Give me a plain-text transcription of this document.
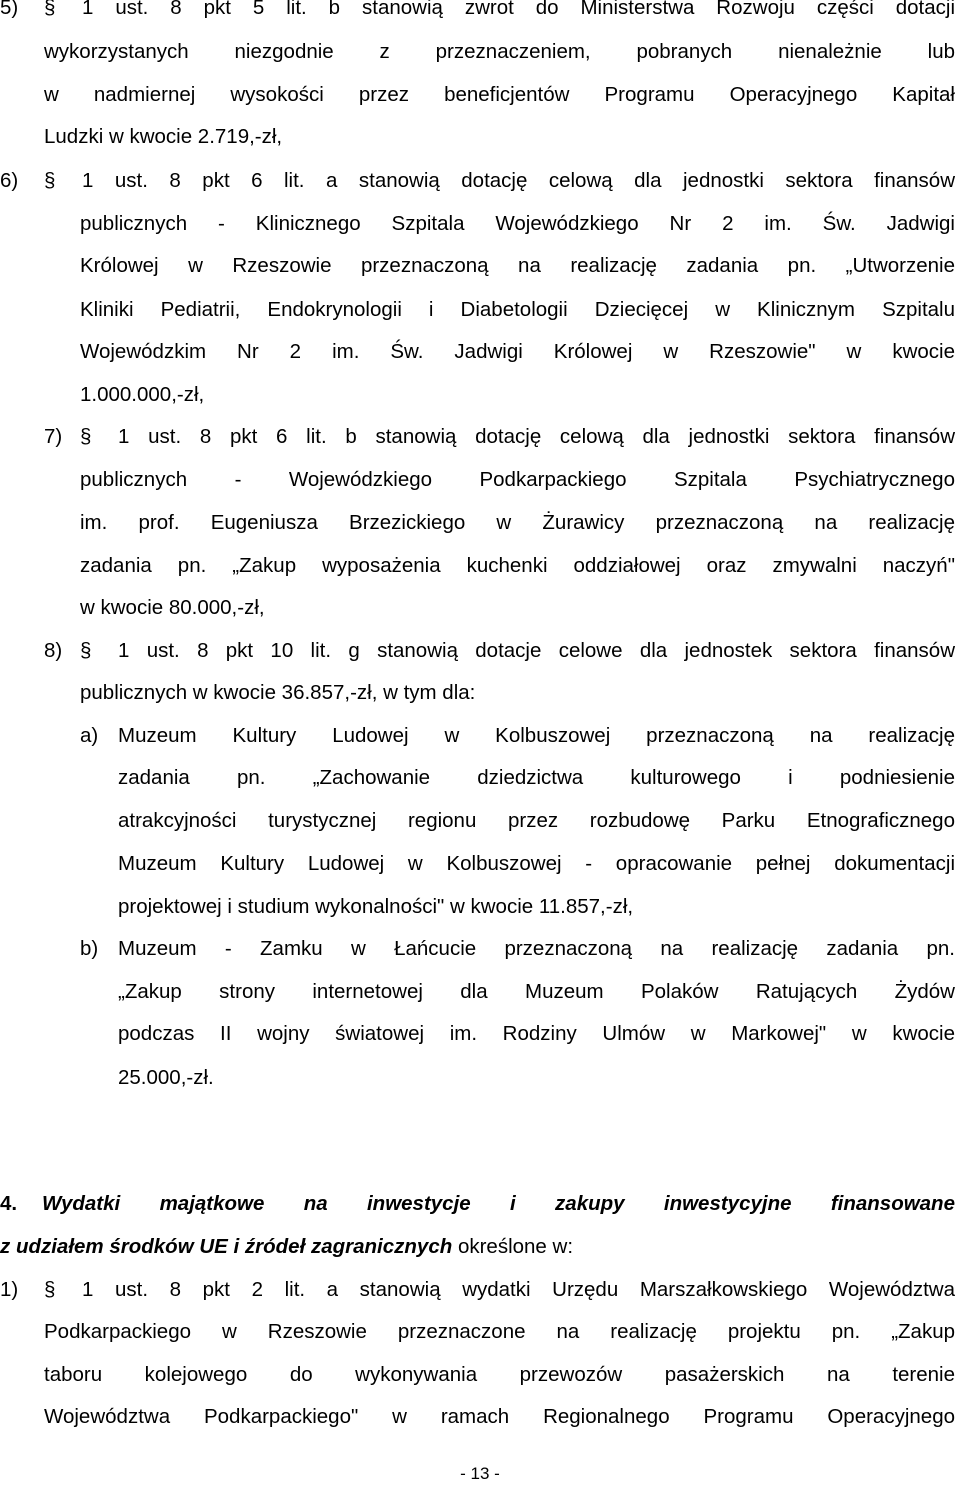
5) § 1 ust. 8 pkt 5 lit. b stanowią zwrot do Ministerstwa Rozwoju części dotacji
wykorzystanych niezgodnie z przeznaczeniem, pobranych nienależnie lub
w nadmiernej wysokości przez beneficjentów Programu Operacyjnego Kapitał
Ludzki w kwocie 2.719,-zł,
6) § 1 ust. 8 pkt 6 lit. a stanowią dotację celową dla jednostki sektora finansów
publicznych - Klinicznego Szpitala Wojewódzkiego Nr 2 im. Św. Jadwigi
Królowej w Rzeszowie przeznaczoną na realizację zadania pn. „Utworzenie
Kliniki Pediatrii, Endokrynologii i Diabetologii Dziecięcej w Klinicznym Szpitalu
Wojewódzkim Nr 2 im. Św. Jadwigi Królowej w Rzeszowie" w kwocie
1.000.000,-zł,
7) § 1 ust. 8 pkt 6 lit. b stanowią dotację celową dla jednostki sektora finansów
publicznych - Wojewódzkiego Podkarpackiego Szpitala Psychiatrycznego
im. prof. Eugeniusza Brzezickiego w Żurawicy przeznaczoną na realizację
zadania pn. „Zakup wyposażenia kuchenki oddziałowej oraz zmywalni naczyń"
w kwocie 80.000,-zł,
8) § 1 ust. 8 pkt 10 lit. g stanowią dotacje celowe dla jednostek sektora finansów
publicznych w kwocie 36.857,-zł, w tym dla:
a) Muzeum Kultury Ludowej w Kolbuszowej przeznaczoną na realizację
zadania pn. „Zachowanie dziedzictwa kulturowego i podniesienie
atrakcyjności turystycznej regionu przez rozbudowę Parku Etnograficznego
Muzeum Kultury Ludowej w Kolbuszowej - opracowanie pełnej dokumentacji
projektowej i studium wykonalności" w kwocie 11.857,-zł,
b) Muzeum - Zamku w Łańcucie przeznaczoną na realizację zadania pn.
„Zakup strony internetowej dla Muzeum Polaków Ratujących Żydów
podczas II wojny światowej im. Rodziny Ulmów w Markowej" w kwocie
25.000,-zł.
4. Wydatki majątkowe na inwestycje i zakupy inwestycyjne finansowane
z udziałem środków UE i źródeł zagranicznych określone w:
1) § 1 ust. 8 pkt 2 lit. a stanowią wydatki Urzędu Marszałkowskiego Województwa
Podkarpackiego w Rzeszowie przeznaczone na realizację projektu pn. „Zakup
taboru kolejowego do wykonywania przewozów pasażerskich na terenie
Województwa Podkarpackiego" w ramach Regionalnego Programu Operacyjnego
- 13 -
